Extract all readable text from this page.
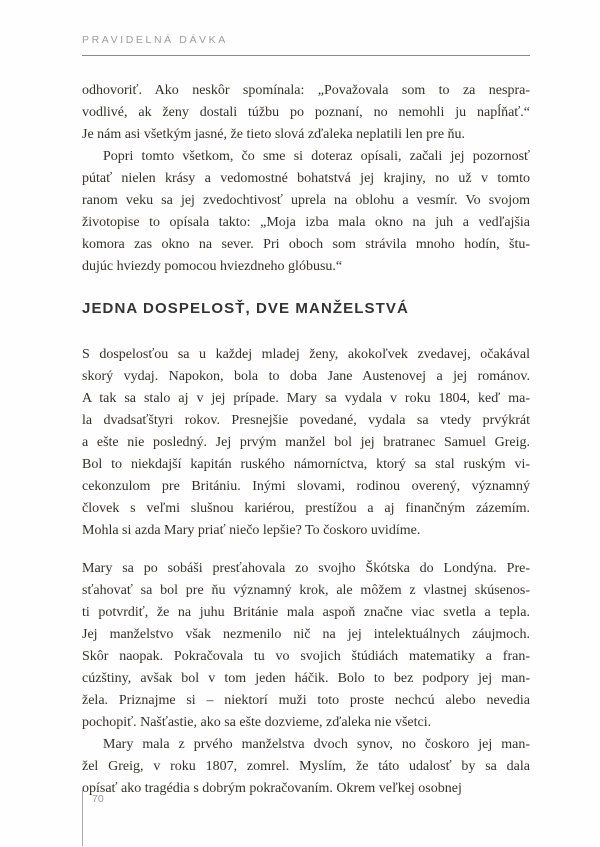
PRAVIDELNÁ DÁVKA
odhovoriť. Ako neskôr spomínala: „Považovala som to za nespra-
vodlivé, ak ženy dostali túžbu po poznaní, no nemohli ju napĺňať.“
Je nám asi všetkým jasné, že tieto slová zďaleka neplatili len pre ňu.
Popri tomto všetkom, čo sme si doteraz opísali, začali jej pozornosť
pútať nielen krásy a vedomostné bohatstvá jej krajiny, no už v tomto
ranom veku sa jej zvedochtivosť uprela na oblohu a vesmír. Vo svojom
životopise to opísala takto: „Moja izba mala okno na juh a vedľajšia
komora zas okno na sever. Pri oboch som strávila mnoho hodín, štu-
dujúc hviezdy pomocou hviezdneho glóbusu.“
JEDNA DOSPELOSŤ, DVE MANŽELSTVÁ
S dospelosťou sa u každej mladej ženy, akokoľvek zvedavej, očakával
skorý vydaj. Napokon, bola to doba Jane Austenovej a jej románov.
A tak sa stalo aj v jej prípade. Mary sa vydala v roku 1804, keď ma-
la dvadsaťštyri rokov. Presnejšie povedané, vydala sa vtedy prvýkrát
a ešte nie posledný. Jej prvým manžel bol jej bratranec Samuel Greig.
Bol to niekdajší kapitán ruského námorníctva, ktorý sa stal ruským vi-
cekonzulom pre Britániu. Inými slovami, rodinou overený, významný
človek s veľmi slušnou kariérou, prestížou a aj finančným zázemím.
Mohla si azda Mary priať niečo lepšie? To čoskoro uvidíme.
Mary sa po sobáši presťahovala zo svojho Škótska do Londýna. Pre-
sťahovať sa bol pre ňu významný krok, ale môžem z vlastnej skúsenos-
ti potvrdiť, že na juhu Británie mala aspoň značne viac svetla a tepla.
Jej manželstvo však nezmenilo nič na jej intelektuálnych záujmoch.
Skôr naopak. Pokračovala tu vo svojich štúdiách matematiky a fran-
cúzštiny, avšak bol v tom jeden háčik. Bolo to bez podpory jej man-
žela. Priznajme si – niektorí muži toto proste nechcú alebo nevedia
pochopiť. Našťastie, ako sa ešte dozvieme, zďaleka nie všetci.
Mary mala z prvého manželstva dvoch synov, no čoskoro jej man-
žel Greig, v roku 1807, zomrel. Myslím, že táto udalosť by sa dala
opísať ako tragédia s dobrým pokračovaním. Okrem veľkej osobnej
70
